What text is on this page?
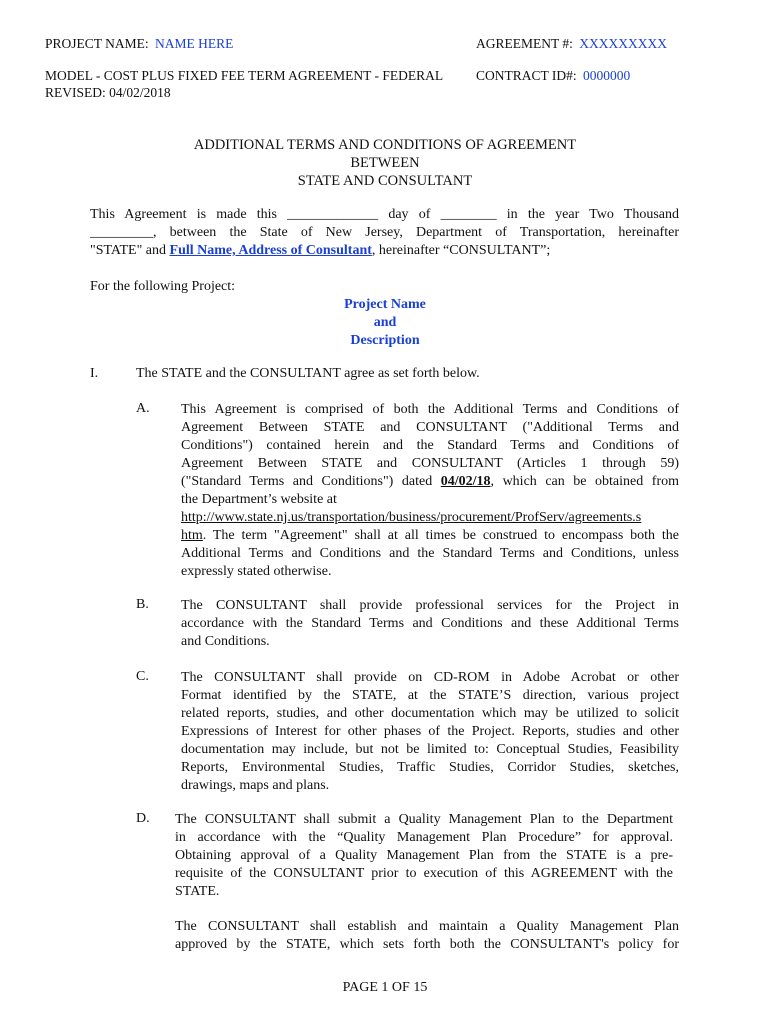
PROJECT NAME: NAME HERE	AGREEMENT #: XXXXXXXXX
MODEL - COST PLUS FIXED FEE TERM AGREEMENT - FEDERAL
REVISED: 04/02/2018
CONTRACT ID#: 0000000
ADDITIONAL TERMS AND CONDITIONS OF AGREEMENT
BETWEEN
STATE AND CONSULTANT
This Agreement is made this _____________ day of ________ in the year Two Thousand
_________, between the State of New Jersey, Department of Transportation, hereinafter
"STATE" and Full Name, Address of Consultant, hereinafter “CONSULTANT”;
For the following Project:
Project Name
and
Description
I.	The STATE and the CONSULTANT agree as set forth below.
A. This Agreement is comprised of both the Additional Terms and Conditions of
Agreement Between STATE and CONSULTANT ("Additional Terms and
Conditions") contained herein and the Standard Terms and Conditions of
Agreement Between STATE and CONSULTANT (Articles 1 through 59)
("Standard Terms and Conditions") dated 04/02/18, which can be obtained from
the Department’s website at
http://www.state.nj.us/transportation/business/procurement/ProfServ/agreements.s
htm. The term "Agreement" shall at all times be construed to encompass both the
Additional Terms and Conditions and the Standard Terms and Conditions, unless
expressly stated otherwise.
B. The CONSULTANT shall provide professional services for the Project in
accordance with the Standard Terms and Conditions and these Additional Terms
and Conditions.
C. The CONSULTANT shall provide on CD-ROM in Adobe Acrobat or other
Format identified by the STATE, at the STATE’S direction, various project
related reports, studies, and other documentation which may be utilized to solicit
Expressions of Interest for other phases of the Project. Reports, studies and other
documentation may include, but not be limited to: Conceptual Studies, Feasibility
Reports, Environmental Studies, Traffic Studies, Corridor Studies, sketches,
drawings, maps and plans.
D. The CONSULTANT shall submit a Quality Management Plan to the Department
in accordance with the “Quality Management Plan Procedure” for approval.
Obtaining approval of a Quality Management Plan from the STATE is a pre-
requisite of the CONSULTANT prior to execution of this AGREEMENT with the
STATE.
The CONSULTANT shall establish and maintain a Quality Management Plan
approved by the STATE, which sets forth both the CONSULTANT's policy for
PAGE 1 OF 15
